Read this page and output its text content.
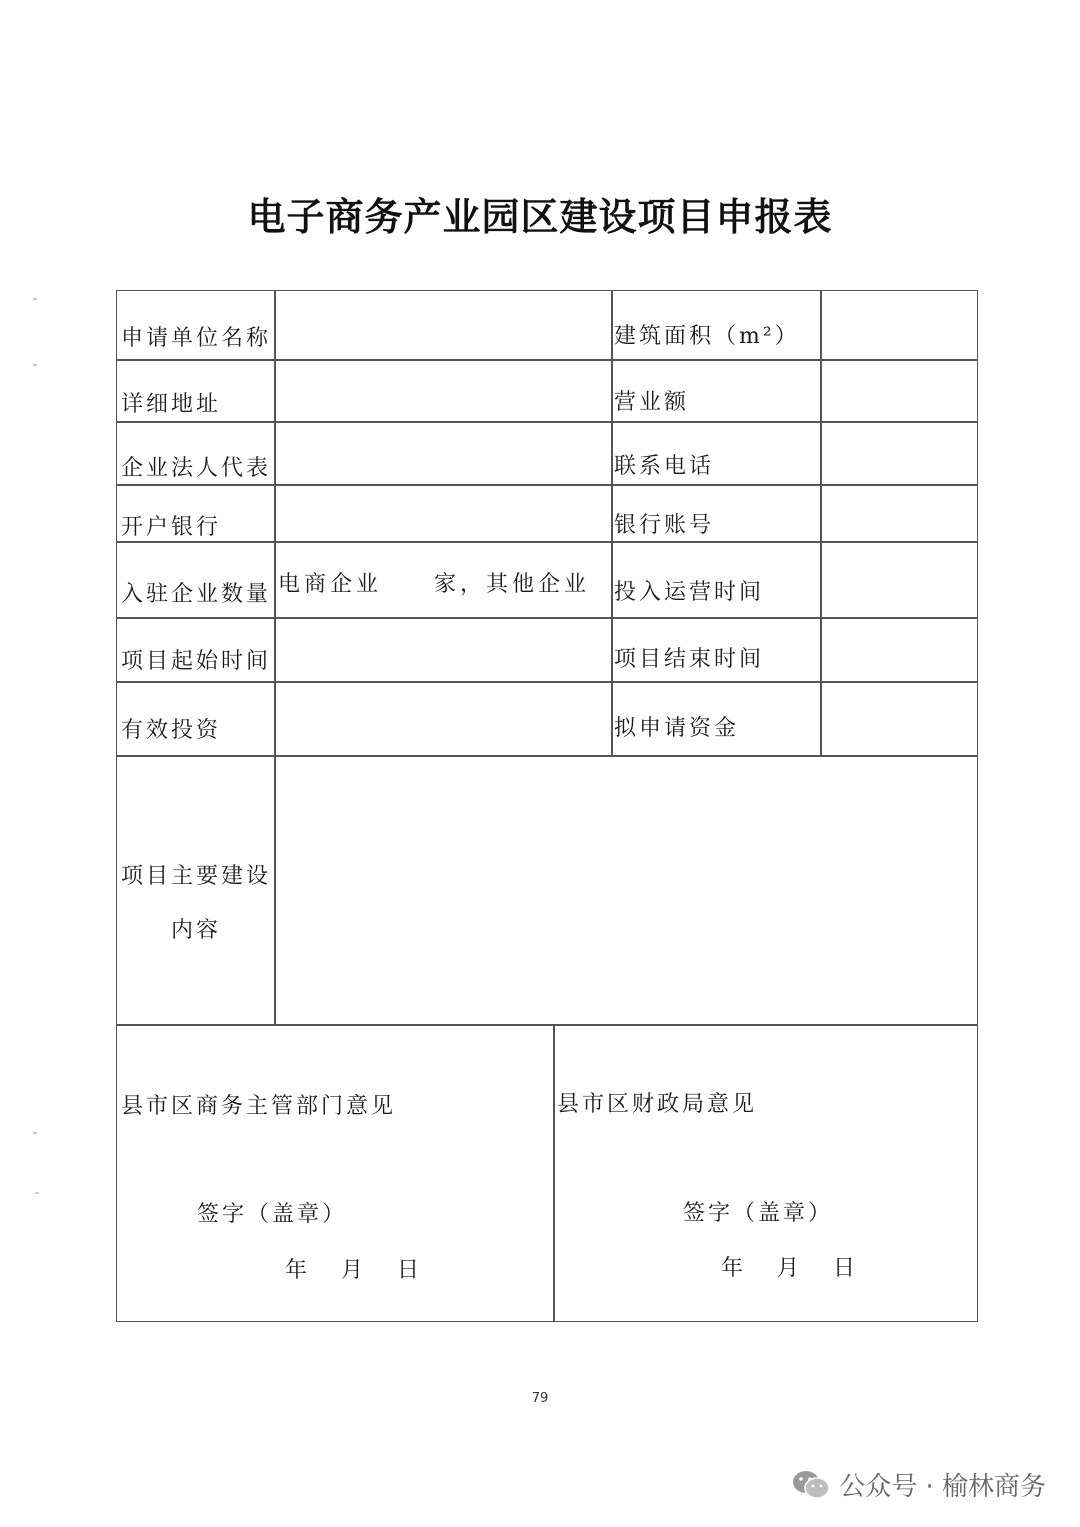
电子商务产业园区建设项目申报表
申请单位名称	建筑面积（m²）
详细地址	营业额
企业法人代表	联系电话
开户银行	银行账号
入驻企业数量 电商企业　　家，其他企业 投入运营时间
项目起始时间	项目结束时间
有效投资	拟申请资金
项目主要建设
内容
县市区商务主管部门意见
签字（盖章）
年　月　日
县市区财政局意见
签字（盖章）
年　月　日
79
公众号 · 榆林商务
